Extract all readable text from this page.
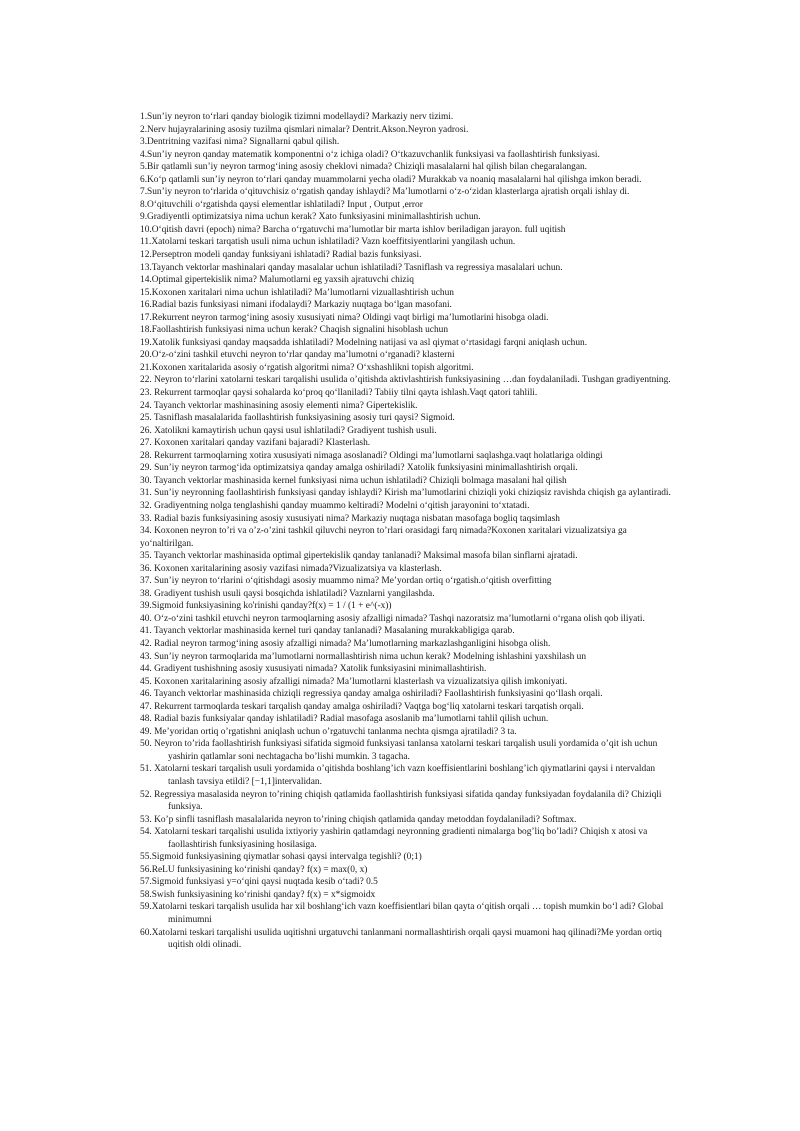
1.Sun’iy neyron to‘rlari qanday biologik tizimni modellaydi? Markaziy nerv tizimi.

2.Nerv hujayralarining asosiy tuzilma qismlari nimalar? Dentrit.Akson.Neyron yadrosi.

3.Dentritning vazifasi nima? Signallarni qabul qilish.

4.Sun’iy neyron qanday matematik komponentni o‘z ichiga oladi? O‘tkazuvchanlik funksiyasi va faollashtirish funksiyasi.

5.Bir qatlamli sun’iy neyron tarmog‘ining asosiy cheklovi nimada? Chiziqli masalalarni hal qilish bilan chegaralangan.

6.Ko‘p qatlamli sun’iy neyron to‘rlari qanday muammolarni yecha oladi? Murakkab va noaniq masalalarni hal qilishga imkon beradi.

7.Sun’iy neyron to‘rlarida o‘qituvchisiz o‘rgatish qanday ishlaydi? Ma’lumotlarni o‘z-o‘zidan klasterlarga ajratish orqali ishlay di.

8.O‘qituvchili o‘rgatishda qaysi elementlar ishlatiladi? Input , Output ,error

9.Gradiyentli optimizatsiya nima uchun kerak? Xato funksiyasini minimallashtirish uchun.

10.O‘qitish davri (epoch) nima? Barcha o‘rgatuvchi ma’lumotlar bir marta ishlov beriladigan jarayon. full uqitish

11.Xatolarni teskari tarqatish usuli nima uchun ishlatiladi? Vazn koeffitsiyentlarini yangilash uchun.

12.Perseptron modeli qanday funksiyani ishlatadi? Radial bazis funksiyasi.

13.Tayanch vektorlar mashinalari qanday masalalar uchun ishlatiladi? Tasniflash va regressiya masalalari uchun.

14.Optimal gipertekislik nima? Malumotlarni eg yaxsih ajratuvchi chiziq

15.Koxonen xaritalari nima uchun ishlatiladi? Ma’lumotlarni vizuallashtirish uchun

16.Radial bazis funksiyasi nimani ifodalaydi? Markaziy nuqtaga bo‘lgan masofani.

17.Rekurrent neyron tarmog‘ining asosiy xususiyati nima? Oldingi vaqt birligi ma’lumotlarini hisobga oladi.

18.Faollashtirish funksiyasi nima uchun kerak? Chaqish signalini hisoblash uchun

19.Xatolik funksiyasi qanday maqsadda ishlatiladi? Modelning natijasi va asl qiymat o‘rtasidagi farqni aniqlash uchun.

20.O‘z-o‘zini tashkil etuvchi neyron to‘rlar qanday ma’lumotni o‘rganadi? klasterni

21.Koxonen xaritalarida asosiy o‘rgatish algoritmi nima? O‘xshashlikni topish algoritmi.

22. Neyron to‘rlarini xatolarni teskari tarqalishi usulida o’qitishda aktivlashtirish funksiyasining …dan foydalaniladi. Tushgan gradiyentning.

23. Rekurrent tarmoqlar qaysi sohalarda ko‘proq qo‘llaniladi? Tabiiy tilni qayta ishlash.Vaqt qatori tahlili.

24. Tayanch vektorlar mashinasining asosiy elementi nima? Gipertekislik.

25. Tasniflash masalalarida faollashtirish funksiyasining asosiy turi qaysi? Sigmoid.

26. Xatolikni kamaytirish uchun qaysi usul ishlatiladi? Gradiyent tushish usuli.

27. Koxonen xaritalari qanday vazifani bajaradi? Klasterlash.

28. Rekurrent tarmoqlarning xotira xususiyati nimaga asoslanadi? Oldingi ma’lumotlarni saqlashga.vaqt holatlariga oldingi

29. Sun’iy neyron tarmog‘ida optimizatsiya qanday amalga oshiriladi? Xatolik funksiyasini minimallashtirish orqali.

30. Tayanch vektorlar mashinasida kernel funksiyasi nima uchun ishlatiladi? Chiziqli bolmaga masalani hal qilish

31. Sun’iy neyronning faollashtirish funksiyasi qanday ishlaydi? Kirish ma’lumotlarini chiziqli yoki chiziqsiz ravishda chiqish ga aylantiradi.

32. Gradiyentning nolga tenglashishi qanday muammo keltiradi? Modelni o‘qitish jarayonini to‘xtatadi.

33. Radial bazis funksiyasining asosiy xususiyati nima? Markaziy nuqtaga nisbatan masofaga bogliq taqsimlash

34. Koxonen neyron to’ri va o’z-o’zini tashkil qiluvchi neyron to’rlari orasidagi farq nimada?Koxonen xaritalari vizualizatsiya ga yo‘naltirilgan.

35. Tayanch vektorlar mashinasida optimal gipertekislik qanday tanlanadi? Maksimal masofa bilan sinflarni ajratadi.

36. Koxonen xaritalarining asosiy vazifasi nimada?Vizualizatsiya va klasterlash.

37. Sun’iy neyron to‘rlarini o‘qitishdagi asosiy muammo nima? Me’yordan ortiq o‘rgatish.o‘qitish overfitting

38. Gradiyent tushish usuli qaysi bosqichda ishlatiladi? Vaznlarni yangilashda.

39.Sigmoid funksiyasining ko'rinishi qanday?f(x) = 1 / (1 + e^(-x))

40. O‘z-o‘zini tashkil etuvchi neyron tarmoqlarning asosiy afzalligi nimada? Tashqi nazoratsiz ma’lumotlarni o‘rgana olish qob iliyati.

41. Tayanch vektorlar mashinasida kernel turi qanday tanlanadi? Masalaning murakkabligiga qarab.

42. Radial neyron tarmog‘ining asosiy afzalligi nimada? Ma’lumotlarning markazlashganligini hisobga olish.

43. Sun’iy neyron tarmoqlarida ma’lumotlarni normallashtirish nima uchun kerak? Modelning ishlashini yaxshilash un

44. Gradiyent tushishning asosiy xususiyati nimada? Xatolik funksiyasini minimallashtirish.

45. Koxonen xaritalarining asosiy afzalligi nimada? Ma’lumotlarni klasterlash va vizualizatsiya qilish imkoniyati.

46. Tayanch vektorlar mashinasida chiziqli regressiya qanday amalga oshiriladi? Faollashtirish funksiyasini qo‘llash orqali.

47. Rekurrent tarmoqlarda teskari tarqalish qanday amalga oshiriladi? Vaqtga bog‘liq xatolarni teskari tarqatish orqali.

48. Radial bazis funksiyalar qanday ishlatiladi? Radial masofaga asoslanib ma’lumotlarni tahlil qilish uchun.

49. Me’yoridan ortiq o’rgatishni aniqlash uchun o’rgatuvchi tanlanma nechta qismga ajratiladi? 3 ta.

50. Neyron to’rida faollashtirish funksiyasi sifatida sigmoid funksiyasi tanlansa xatolarni teskari tarqalish usuli yordamida o’qit ish uchun yashirin qatlamlar soni nechtagacha bo’lishi mumkin. 3 tagacha.

51. Xatolarni teskari tarqalish usuli yordamida o’qitishda boshlang’ich vazn koeffisientlarini boshlang’ich qiymatlarini qaysi i ntervaldan tanlash tavsiya etildi? [−1,1]intervalidan.

52. Regressiya masalasida neyron to’rining chiqish qatlamida faollashtirish funksiyasi sifatida qanday funksiyadan foydalanila di? Chiziqli funksiya.

53. Ko’p sinfli tasniflash masalalarida neyron to’rining chiqish qatlamida qanday metoddan foydalaniladi? Softmax.

54. Xatolarni teskari tarqalishi usulida ixtiyoriy yashirin qatlamdagi neyronning gradienti nimalarga bog’liq bo’ladi? Chiqish x atosi va faollashtirish funksiyasining hosilasiga.

55.Sigmoid funksiyasining qiymatlar sohasi qaysi intervalga tegishli? (0;1)

56.ReLU funksiyasining ko‘rinishi qanday? f(x) = max(0, x)

57.Sigmoid funksiyasi y=o‘qini qaysi nuqtada kesib o‘tadi? 0.5

58.Swish funksiyasining ko‘rinishi qanday? f(x) = x*sigmoidx

59.Xatolarni teskari tarqalish usulida har xil boshlang‘ich vazn koeffisientlari bilan qayta o‘qitish orqali … topish mumkin bo‘l adi? Global minimumni

60.Xatolarni teskari tarqalishi usulida uqitishni urgatuvchi tanlanmani normallashtirish orqali qaysi muamoni haq qilinadi?Me yordan ortiq uqitish oldi olinadi.
